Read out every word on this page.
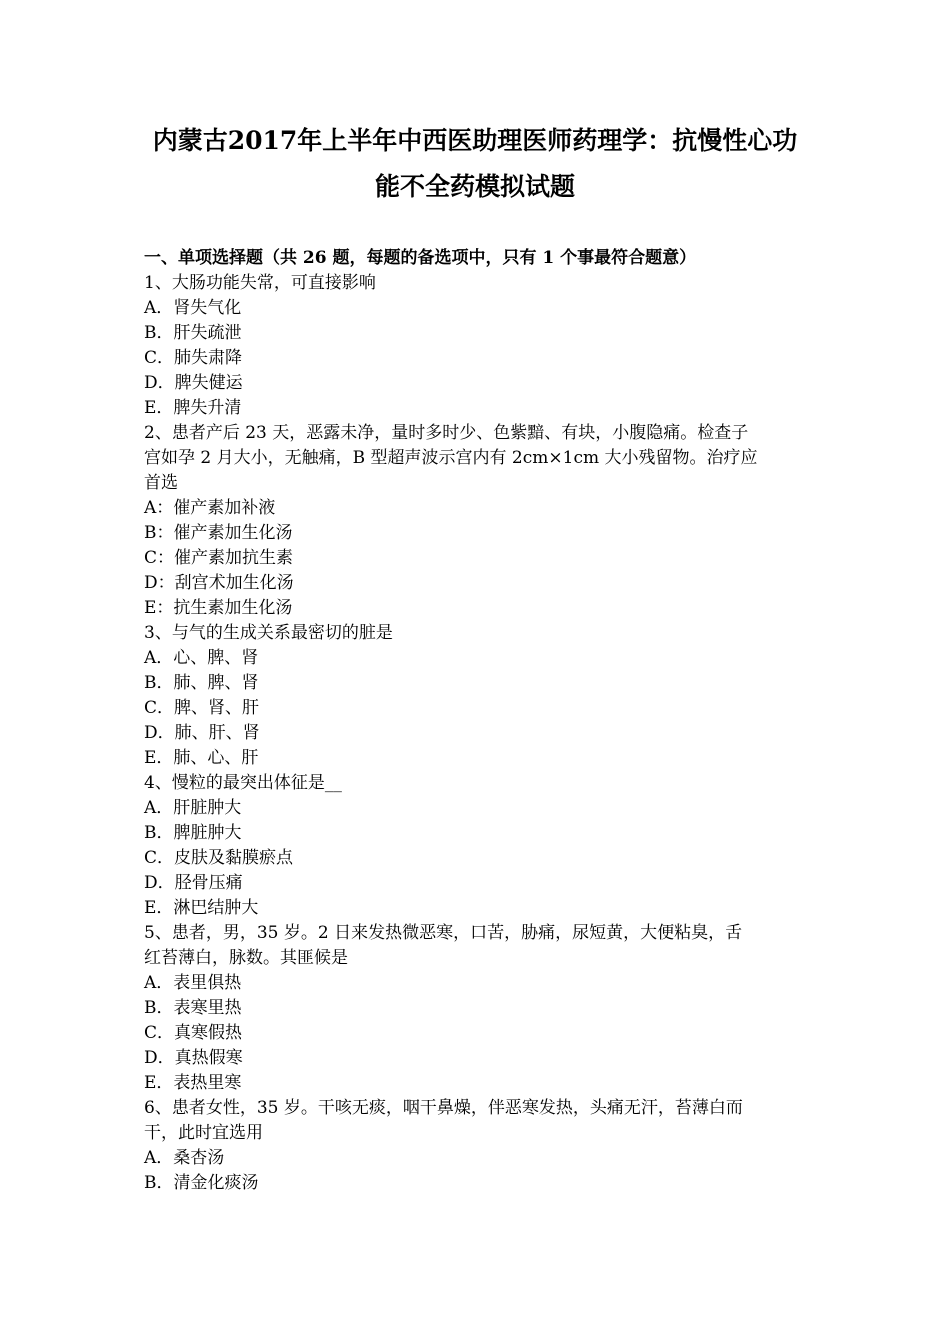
内蒙古2017年上半年中西医助理医师药理学：抗慢性心功
能不全药模拟试题
一、单项选择题（共 26 题，每题的备选项中，只有 1 个事最符合题意）
1、大肠功能失常，可直接影响
A．肾失气化
B．肝失疏泄
C．肺失肃降
D．脾失健运
E．脾失升清
2、患者产后 23 天，恶露未净，量时多时少、色紫黯、有块，小腹隐痛。检查子
宫如孕 2 月大小，无触痛，B 型超声波示宫内有 2cm×1cm 大小残留物。治疗应
首选
A：催产素加补液
B：催产素加生化汤
C：催产素加抗生素
D：刮宫术加生化汤
E：抗生素加生化汤
3、与气的生成关系最密切的脏是
A．心、脾、肾
B．肺、脾、肾
C．脾、肾、肝
D．肺、肝、肾
E．肺、心、肝
4、慢粒的最突出体征是__
A．肝脏肿大
B．脾脏肿大
C．皮肤及黏膜瘀点
D．胫骨压痛
E．淋巴结肿大
5、患者，男，35 岁。2 日来发热微恶寒，口苦，胁痛，尿短黄，大便粘臭，舌
红苔薄白，脉数。其匪候是
A．表里俱热
B．表寒里热
C．真寒假热
D．真热假寒
E．表热里寒
6、患者女性，35 岁。干咳无痰，咽干鼻燥，伴恶寒发热，头痛无汗，苔薄白而
干，此时宜选用
A．桑杏汤
B．清金化痰汤
